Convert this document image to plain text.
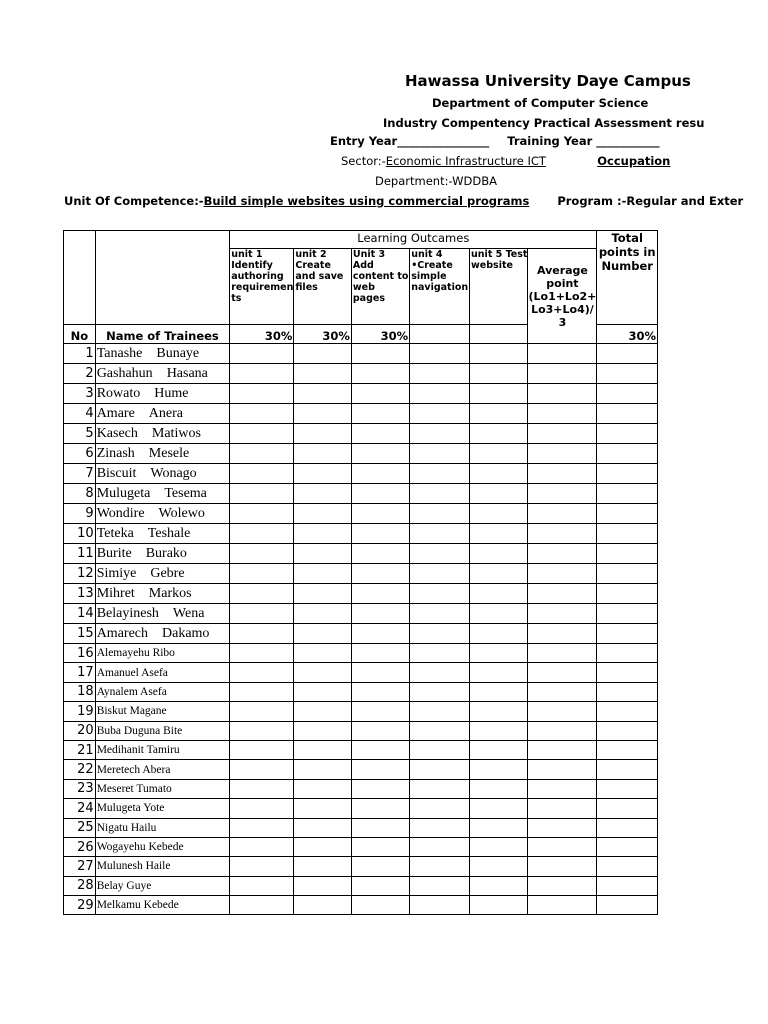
Hawassa University Daye Campus
Department of Computer Science
Industry Compentency Practical Assessment resu
Entry Year________________ Training Year ___________
Sector:-Economic Infrastructure ICT	Occupation
Department:-WDDBA
Unit Of Competence:-Build simple websites using commercial programs Program :-Regular and Exter
		Learning Outcames						Total points in Number
		unit 1 Identify authoring requiremen ts	unit 2 Create and save files	Unit 3 Add content to web pages	unit 4 •Create simple navigation	unit 5 Test website	Average point (Lo1+Lo2+ Lo3+Lo4)/ 3	
No	Name of Trainees	30%	30%	30%				30%
1	Tanashe Bunaye							
2	Gashahun Hasana							
3	Rowato Hume							
4	Amare Anera							
5	Kasech Matiwos							
6	Zinash Mesele							
7	Biscuit Wonago							
8	Mulugeta Tesema							
9	Wondire Wolewo							
10	Teteka Teshale							
11	Burite Burako							
12	Simiye Gebre							
13	Mihret Markos							
14	Belayinesh Wena							
15	Amarech Dakamo							
16	Alemayehu Ribo							
17	Amanuel Asefa							
18	Aynalem Asefa							
19	Biskut Magane							
20	Buba Duguna Bite							
21	Medihanit Tamiru							
22	Meretech Abera							
23	Meseret Tumato							
24	Mulugeta Yote							
25	Nigatu Hailu							
26	Wogayehu Kebede							
27	Mulunesh Haile							
28	Belay Guye							
29	Melkamu Kebede							
